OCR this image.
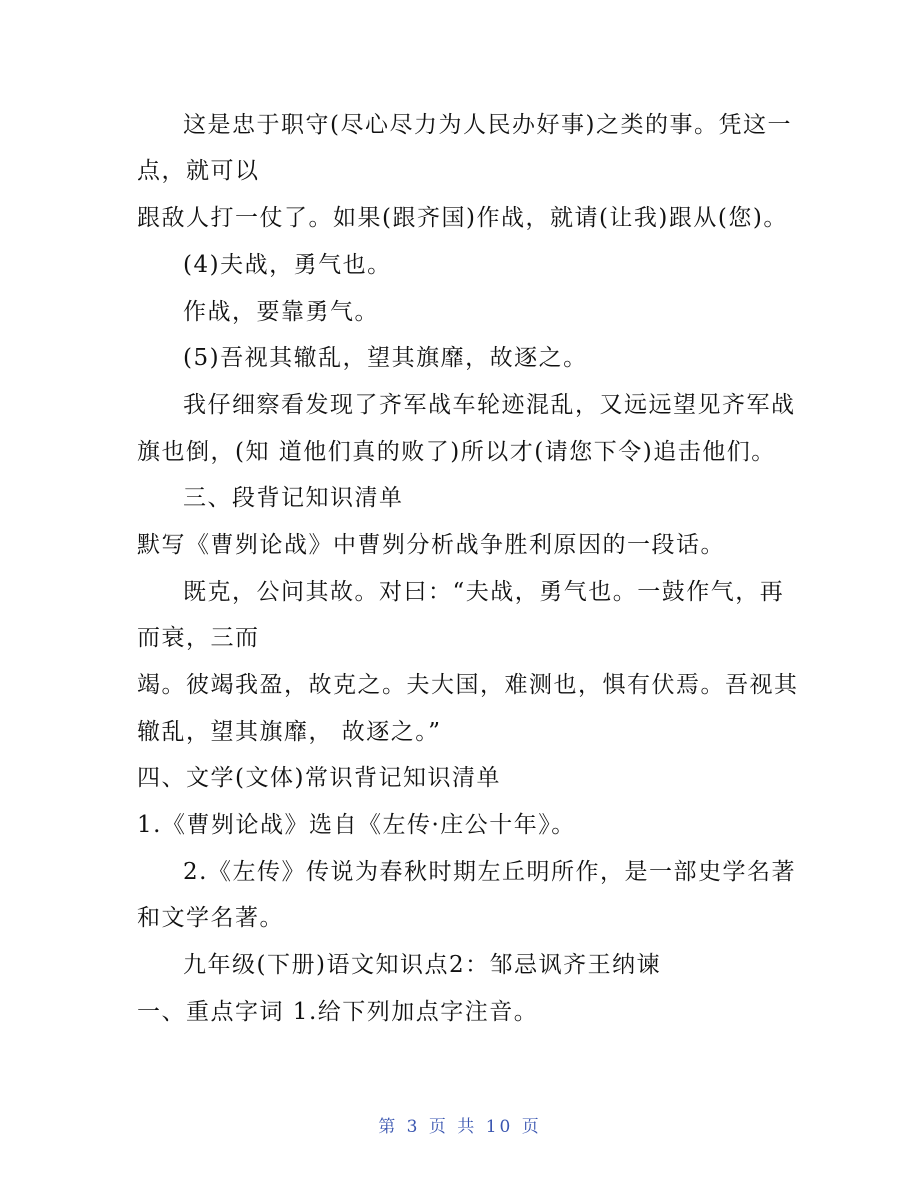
这是忠于职守(尽心尽力为人民办好事)之类的事。凭这一
点，就可以
跟敌人打一仗了。如果(跟齐国)作战，就请(让我)跟从(您)。
(4)夫战，勇气也。
作战，要靠勇气。
(5)吾视其辙乱，望其旗靡，故逐之。
我仔细察看发现了齐军战车轮迹混乱，又远远望见齐军战
旗也倒，(知 道他们真的败了)所以才(请您下令)追击他们。
三、段背记知识清单
默写《曹刿论战》中曹刿分析战争胜利原因的一段话。
既克，公问其故。对曰：“夫战，勇气也。一鼓作气，再
而衰，三而
竭。彼竭我盈，故克之。夫大国，难测也，惧有伏焉。吾视其
辙乱，望其旗靡， 故逐之。”
四、文学(文体)常识背记知识清单
1.《曹刿论战》选自《左传·庄公十年》。
2.《左传》传说为春秋时期左丘明所作，是一部史学名著
和文学名著。
九年级(下册)语文知识点2：邹忌讽齐王纳谏
一、重点字词 1.给下列加点字注音。
第 3 页 共 10 页
